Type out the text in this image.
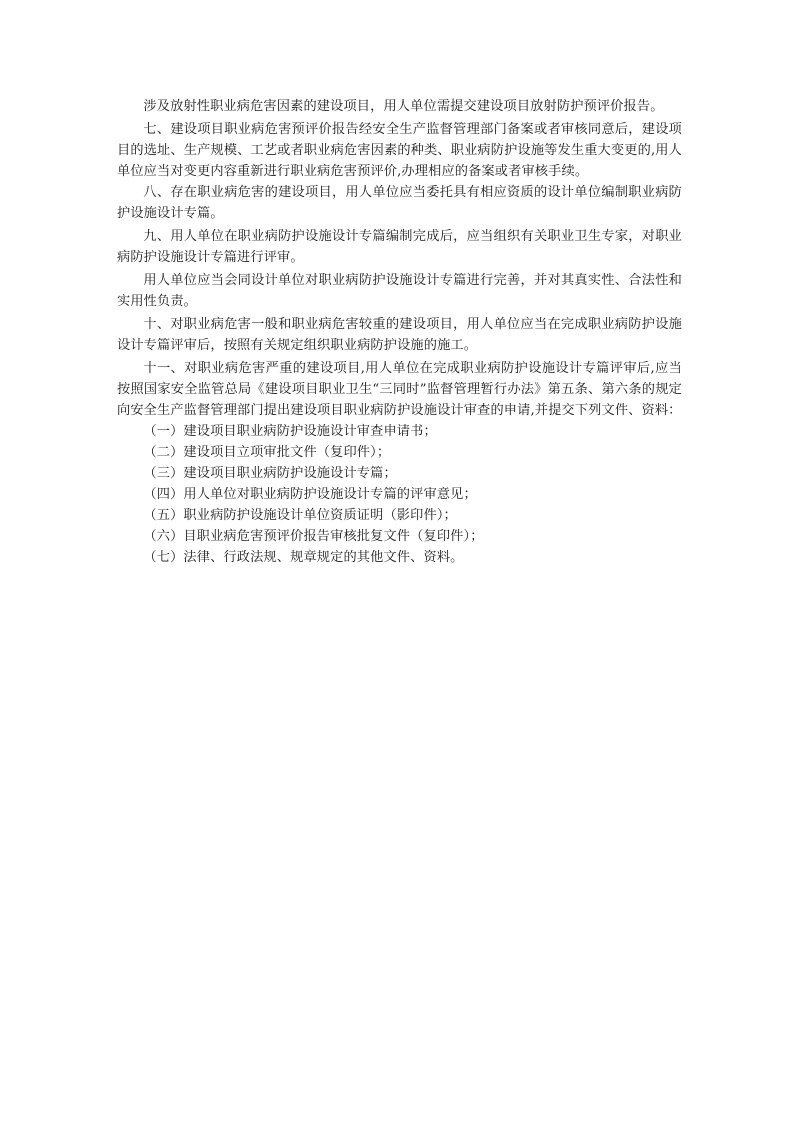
涉及放射性职业病危害因素的建设项目，用人单位需提交建设项目放射防护预评价报告。

七、建设项目职业病危害预评价报告经安全生产监督管理部门备案或者审核同意后，建设项目的选址、生产规模、工艺或者职业病危害因素的种类、职业病防护设施等发生重大变更的,用人单位应当对变更内容重新进行职业病危害预评价,办理相应的备案或者审核手续。

八、存在职业病危害的建设项目，用人单位应当委托具有相应资质的设计单位编制职业病防护设施设计专篇。

九、用人单位在职业病防护设施设计专篇编制完成后，应当组织有关职业卫生专家，对职业病防护设施设计专篇进行评审。

用人单位应当会同设计单位对职业病防护设施设计专篇进行完善，并对其真实性、合法性和实用性负责。

十、对职业病危害一般和职业病危害较重的建设项目，用人单位应当在完成职业病防护设施设计专篇评审后，按照有关规定组织职业病防护设施的施工。

十一、对职业病危害严重的建设项目,用人单位在完成职业病防护设施设计专篇评审后,应当按照国家安全监管总局《建设项目职业卫生“三同时”监督管理暂行办法》第五条、第六条的规定向安全生产监督管理部门提出建设项目职业病防护设施设计审查的申请,并提交下列文件、资料：

（一）建设项目职业病防护设施设计审查申请书；
（二）建设项目立项审批文件（复印件）；
（三）建设项目职业病防护设施设计专篇；
（四）用人单位对职业病防护设施设计专篇的评审意见；
（五）职业病防护设施设计单位资质证明（影印件）；
（六）目职业病危害预评价报告审核批复文件（复印件）；
（七）法律、行政法规、规章规定的其他文件、资料。
